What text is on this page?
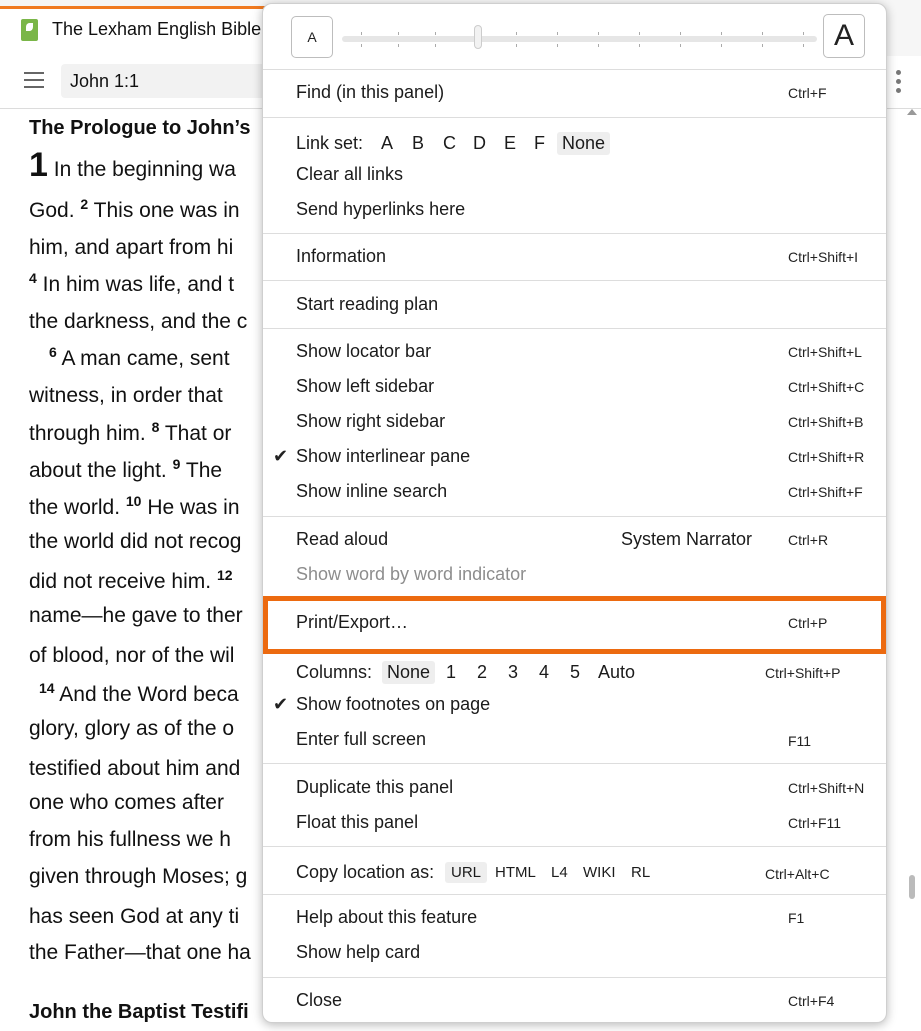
The Lexham English Bible
John 1:1
The Prologue to John’s
1 In the beginning wa
God. $^2$ This one was in
him, and apart from hi
$^4$ In him was life, and t
the darkness, and the c
$^6$ A man came, sent
witness, in order that
through him. $^8$ That or
about the light. $^9$ The
the world. $^{10}$ He was in
the world did not recog
did not receive him. $^{12}$
name—he gave to ther
of blood, nor of the wil
$^{14}$ And the Word beca
glory, glory as of the o
testified about him and
one who comes after
from his fullness we h
given through Moses; g
has seen God at any ti
the Father—that one ha
John the Baptist Testifi
A	A
Find (in this panel)	Ctrl+F
Link set: A B C D E F None
Clear all links
Send hyperlinks here
Information	Ctrl+Shift+I
Start reading plan
Show locator bar	Ctrl+Shift+L
Show left sidebar	Ctrl+Shift+C
Show right sidebar	Ctrl+Shift+B
✔ Show interlinear pane	Ctrl+Shift+R
Show inline search	Ctrl+Shift+F
Read aloud	System Narrator	Ctrl+R
Show word by word indicator
Print/Export…	Ctrl+P
Columns: None 1 2 3 4 5 Auto	Ctrl+Shift+P
✔ Show footnotes on page
Enter full screen	F11
Duplicate this panel	Ctrl+Shift+N
Float this panel	Ctrl+F11
Copy location as:	URL HTML	L4	WIKI	RL	Ctrl+Alt+C
Help about this feature	F1
Show help card
Close	Ctrl+F4
